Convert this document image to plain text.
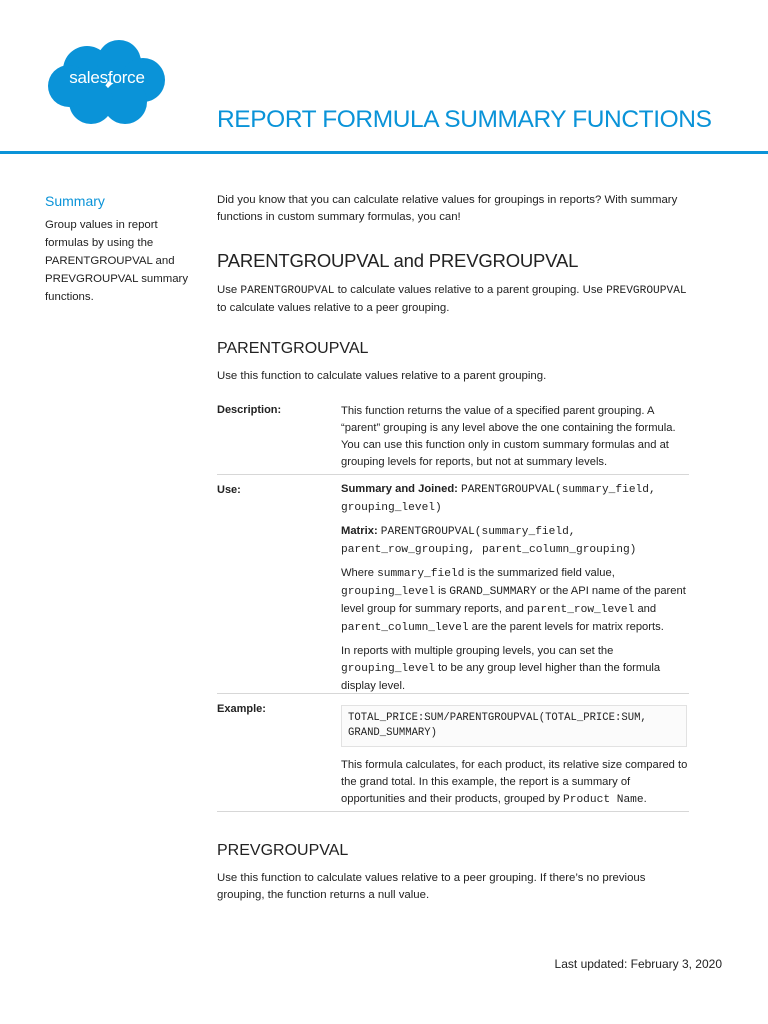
salesforce
REPORT FORMULA SUMMARY FUNCTIONS
Summary
Group values in report formulas by using the PARENTGROUPVAL and PREVGROUPVAL summary functions.
Did you know that you can calculate relative values for groupings in reports? With summary functions in custom summary formulas, you can!
PARENTGROUPVAL and PREVGROUPVAL
Use PARENTGROUPVAL to calculate values relative to a parent grouping. Use PREVGROUPVAL to calculate values relative to a peer grouping.
PARENTGROUPVAL
Use this function to calculate values relative to a parent grouping.
Description:	This function returns the value of a specified parent grouping. A “parent” grouping is any level above the one containing the formula. You can use this function only in custom summary formulas and at grouping levels for reports, but not at summary levels.
Use:	Summary and Joined: PARENTGROUPVAL(summary_field, grouping_level)
Matrix: PARENTGROUPVAL(summary_field, parent_row_grouping, parent_column_grouping)
Where summary_field is the summarized field value, grouping_level is GRAND_SUMMARY or the API name of the parent level group for summary reports, and parent_row_level and parent_column_level are the parent levels for matrix reports.
In reports with multiple grouping levels, you can set the grouping_level to be any group level higher than the formula display level.
Example:
TOTAL_PRICE:SUM/PARENTGROUPVAL(TOTAL_PRICE:SUM, GRAND_SUMMARY)
This formula calculates, for each product, its relative size compared to the grand total. In this example, the report is a summary of opportunities and their products, grouped by Product Name.
PREVGROUPVAL
Use this function to calculate values relative to a peer grouping. If there’s no previous grouping, the function returns a null value.
Last updated: February 3, 2020
